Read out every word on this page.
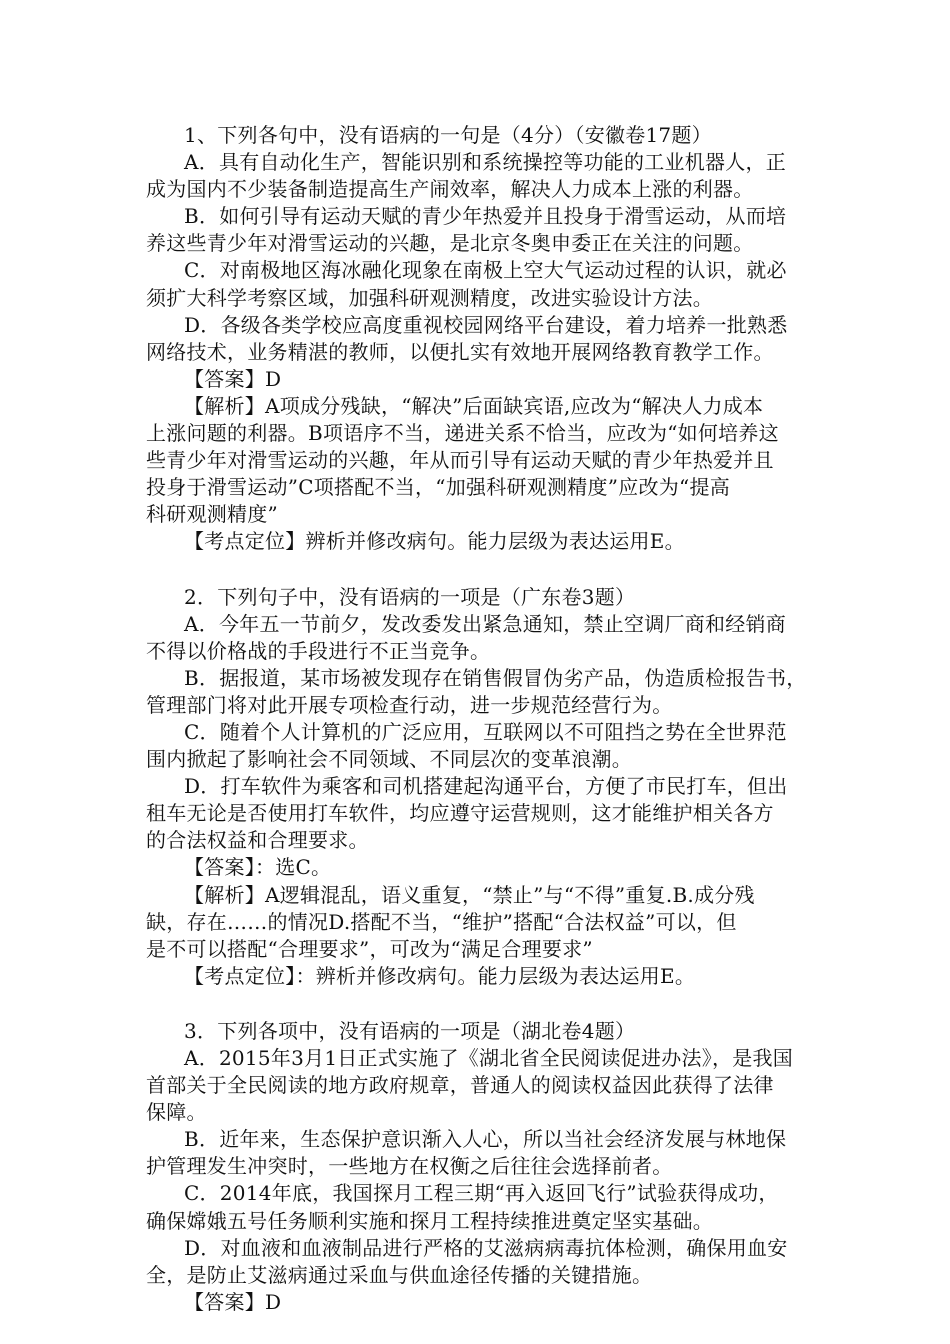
1、下列各句中，没有语病的一句是（4分）（安徽卷17题）
A．具有自动化生产，智能识别和系统操控等功能的工业机器人，正
成为国内不少装备制造提高生产闹效率，解决人力成本上涨的利器。
B．如何引导有运动天赋的青少年热爱并且投身于滑雪运动，从而培
养这些青少年对滑雪运动的兴趣，是北京冬奥申委正在关注的问题。
C．对南极地区海冰融化现象在南极上空大气运动过程的认识，就必
须扩大科学考察区域，加强科研观测精度，改进实验设计方法。
D．各级各类学校应高度重视校园网络平台建设，着力培养一批熟悉
网络技术，业务精湛的教师，以便扎实有效地开展网络教育教学工作。
【答案】D
【解析】A项成分残缺，“解决”后面缺宾语,应改为“解决人力成本
上涨问题的利器。B项语序不当，递进关系不恰当，应改为“如何培养这
些青少年对滑雪运动的兴趣，年从而引导有运动天赋的青少年热爱并且
投身于滑雪运动”C项搭配不当，“加强科研观测精度”应改为“提高
科研观测精度”
【考点定位】辨析并修改病句。能力层级为表达运用E。
2．下列句子中，没有语病的一项是（广东卷3题）
A．今年五一节前夕，发改委发出紧急通知，禁止空调厂商和经销商
不得以价格战的手段进行不正当竞争。
B．据报道，某市场被发现存在销售假冒伪劣产品，伪造质检报告书，
管理部门将对此开展专项检查行动，进一步规范经营行为。
C．随着个人计算机的广泛应用，互联网以不可阻挡之势在全世界范
围内掀起了影响社会不同领域、不同层次的变革浪潮。
D．打车软件为乘客和司机搭建起沟通平台，方便了市民打车，但出
租车无论是否使用打车软件，均应遵守运营规则，这才能维护相关各方
的合法权益和合理要求。
【答案】：选C。
【解析】A逻辑混乱，语义重复，“禁止”与“不得”重复.B.成分残
缺，存在……的情况D.搭配不当，“维护”搭配“合法权益”可以，但
是不可以搭配“合理要求”，可改为“满足合理要求”
【考点定位】：辨析并修改病句。能力层级为表达运用E。
3．下列各项中，没有语病的一项是（湖北卷4题）
A．2015年3月1日正式实施了《湖北省全民阅读促进办法》，是我国
首部关于全民阅读的地方政府规章，普通人的阅读权益因此获得了法律
保障。
B．近年来，生态保护意识渐入人心，所以当社会经济发展与林地保
护管理发生冲突时，一些地方在权衡之后往往会选择前者。
C．2014年底，我国探月工程三期“再入返回飞行”试验获得成功，
确保嫦娥五号任务顺利实施和探月工程持续推进奠定坚实基础。
D．对血液和血液制品进行严格的艾滋病病毒抗体检测，确保用血安
全，是防止艾滋病通过采血与供血途径传播的关键措施。
【答案】D
